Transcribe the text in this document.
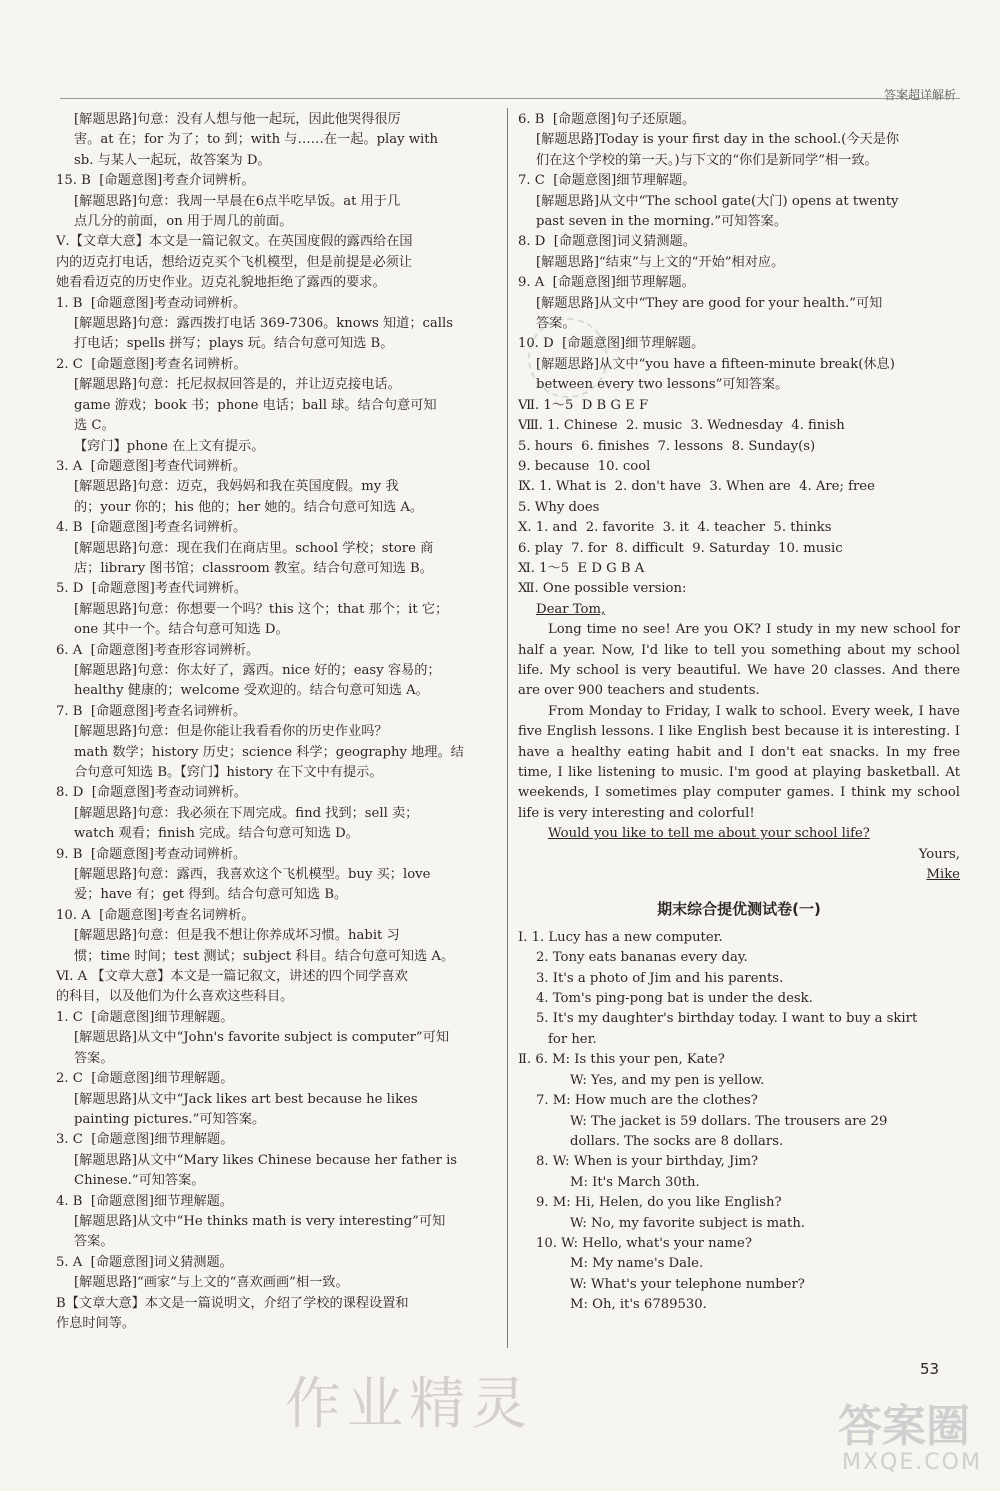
答案超详解析
[解题思路]句意：没有人想与他一起玩，因此他哭得很厉
害。at 在；for 为了；to 到；with 与……在一起。play with
sb. 与某人一起玩，故答案为 D。
15. B  [命题意图]考查介词辨析。
[解题思路]句意：我周一早晨在6点半吃早饭。at 用于几
点几分的前面，on 用于周几的前面。
Ⅴ.【文章大意】本文是一篇记叙文。在英国度假的露西给在国
内的迈克打电话，想给迈克买个飞机模型，但是前提是必须让
她看看迈克的历史作业。迈克礼貌地拒绝了露西的要求。
1. B  [命题意图]考查动词辨析。
[解题思路]句意：露西拨打电话 369-7306。knows 知道；calls
打电话；spells 拼写；plays 玩。结合句意可知选 B。
2. C  [命题意图]考查名词辨析。
[解题思路]句意：托尼叔叔回答是的，并让迈克接电话。
game 游戏；book 书；phone 电话；ball 球。结合句意可知
选 C。
【窍门】phone 在上文有提示。
3. A  [命题意图]考查代词辨析。
[解题思路]句意：迈克，我妈妈和我在英国度假。my 我
的；your 你的；his 他的；her 她的。结合句意可知选 A。
4. B  [命题意图]考查名词辨析。
[解题思路]句意：现在我们在商店里。school 学校；store 商
店；library 图书馆；classroom 教室。结合句意可知选 B。
5. D  [命题意图]考查代词辨析。
[解题思路]句意：你想要一个吗？this 这个；that 那个；it 它；
one 其中一个。结合句意可知选 D。
6. A  [命题意图]考查形容词辨析。
[解题思路]句意：你太好了，露西。nice 好的；easy 容易的；
healthy 健康的；welcome 受欢迎的。结合句意可知选 A。
7. B  [命题意图]考查名词辨析。
[解题思路]句意：但是你能让我看看你的历史作业吗？
math 数学；history 历史；science 科学；geography 地理。结
合句意可知选 B。【窍门】history 在下文中有提示。
8. D  [命题意图]考查动词辨析。
[解题思路]句意：我必须在下周完成。find 找到；sell 卖；
watch 观看；finish 完成。结合句意可知选 D。
9. B  [命题意图]考查动词辨析。
[解题思路]句意：露西，我喜欢这个飞机模型。buy 买；love
爱；have 有；get 得到。结合句意可知选 B。
10. A  [命题意图]考查名词辨析。
[解题思路]句意：但是我不想让你养成坏习惯。habit 习
惯；time 时间；test 测试；subject 科目。结合句意可知选 A。
Ⅵ. A 【文章大意】本文是一篇记叙文，讲述的四个同学喜欢
的科目，以及他们为什么喜欢这些科目。
1. C  [命题意图]细节理解题。
[解题思路]从文中“John's favorite subject is computer”可知
答案。
2. C  [命题意图]细节理解题。
[解题思路]从文中“Jack likes art best because he likes
painting pictures.”可知答案。
3. C  [命题意图]细节理解题。
[解题思路]从文中“Mary likes Chinese because her father is
Chinese.”可知答案。
4. B  [命题意图]细节理解题。
[解题思路]从文中“He thinks math is very interesting”可知
答案。
5. A  [命题意图]词义猜测题。
[解题思路]“画家”与上文的“喜欢画画”相一致。
B【文章大意】本文是一篇说明文，介绍了学校的课程设置和
作息时间等。
6. B  [命题意图]句子还原题。
[解题思路]Today is your first day in the school.(今天是你
们在这个学校的第一天。)与下文的“你们是新同学”相一致。
7. C  [命题意图]细节理解题。
[解题思路]从文中“The school gate(大门) opens at twenty
past seven in the morning.”可知答案。
8. D  [命题意图]词义猜测题。
[解题思路]“结束”与上文的“开始”相对应。
9. A  [命题意图]细节理解题。
[解题思路]从文中“They are good for your health.”可知
答案。
10. D  [命题意图]细节理解题。
[解题思路]从文中“you have a fifteen-minute break(休息)
between every two lessons”可知答案。
Ⅶ. 1～5  D B G E F
Ⅷ. 1. Chinese  2. music  3. Wednesday  4. finish
5. hours  6. finishes  7. lessons  8. Sunday(s)
9. because  10. cool
Ⅸ. 1. What is  2. don't have  3. When are  4. Are; free
5. Why does
Ⅹ. 1. and  2. favorite  3. it  4. teacher  5. thinks
6. play  7. for  8. difficult  9. Saturday  10. music
Ⅺ. 1～5  E D G B A
Ⅻ. One possible version:
Dear Tom,
Long time no see! Are you OK? I study in my new school for half a year. Now, I'd like to tell you something about my school life. My school is very beautiful. We have 20 classes. And there are over 900 teachers and students.
From Monday to Friday, I walk to school. Every week, I have five English lessons. I like English best because it is interesting. I have a healthy eating habit and I don't eat snacks. In my free time, I like listening to music. I'm good at playing basketball. At weekends, I sometimes play computer games. I think my school life is very interesting and colorful!
Would you like to tell me about your school life?
Yours,
Mike
期末综合提优测试卷(一)
Ⅰ. 1. Lucy has a new computer.
2. Tony eats bananas every day.
3. It's a photo of Jim and his parents.
4. Tom's ping-pong bat is under the desk.
5. It's my daughter's birthday today. I want to buy a skirt
for her.
Ⅱ. 6. M: Is this your pen, Kate?
W: Yes, and my pen is yellow.
7. M: How much are the clothes?
W: The jacket is 59 dollars. The trousers are 29
dollars. The socks are 8 dollars.
8. W: When is your birthday, Jim?
M: It's March 30th.
9. M: Hi, Helen, do you like English?
W: No, my favorite subject is math.
10. W: Hello, what's your name?
M: My name's Dale.
W: What's your telephone number?
M: Oh, it's 6789530.
作业精灵
53
答案圈
MXQE.COM
